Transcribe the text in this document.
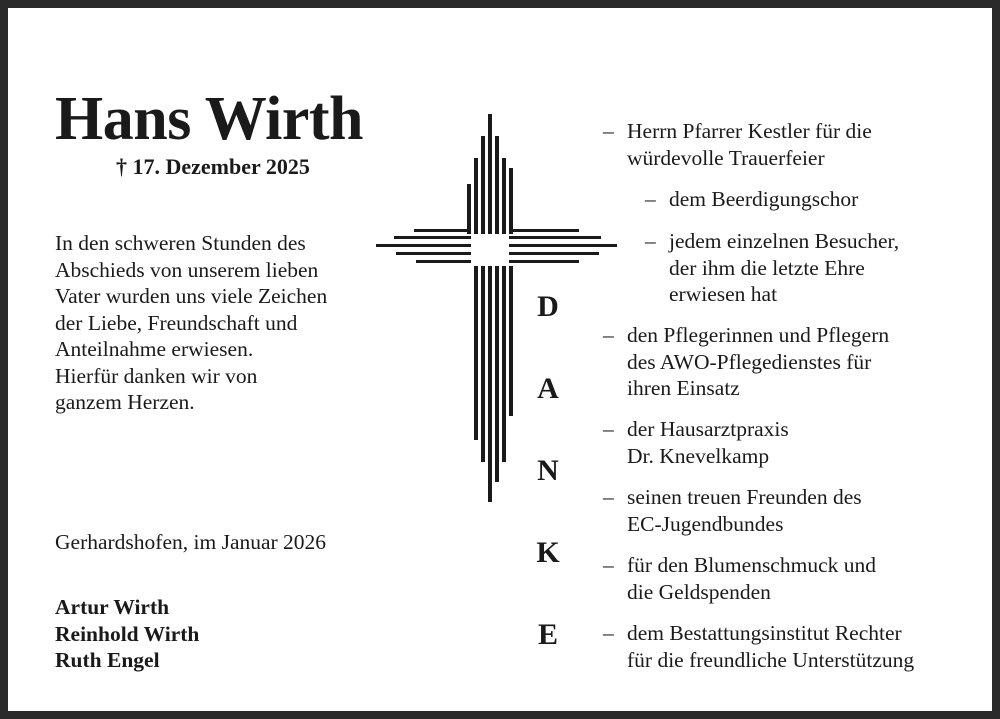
Hans Wirth
† 17. Dezember 2025
In den schweren Stunden des
Abschieds von unserem lieben
Vater wurden uns viele Zeichen
der Liebe, Freundschaft und
Anteilnahme erwiesen.
Hierfür danken wir von
ganzem Herzen.
Gerhardshofen, im Januar 2026
Artur Wirth
Reinhold Wirth
Ruth Engel
D
A
N
K
E
– Herrn Pfarrer Kestler für die
würdevolle Trauerfeier
– dem Beerdigungschor
– jedem einzelnen Besucher,
der ihm die letzte Ehre
erwiesen hat
– den Pflegerinnen und Pflegern
des AWO-Pflegedienstes für
ihren Einsatz
– der Hausarztpraxis
Dr. Knevelkamp
– seinen treuen Freunden des
EC-Jugendbundes
– für den Blumenschmuck und
die Geldspenden
– dem Bestattungsinstitut Rechter
für die freundliche Unterstützung
